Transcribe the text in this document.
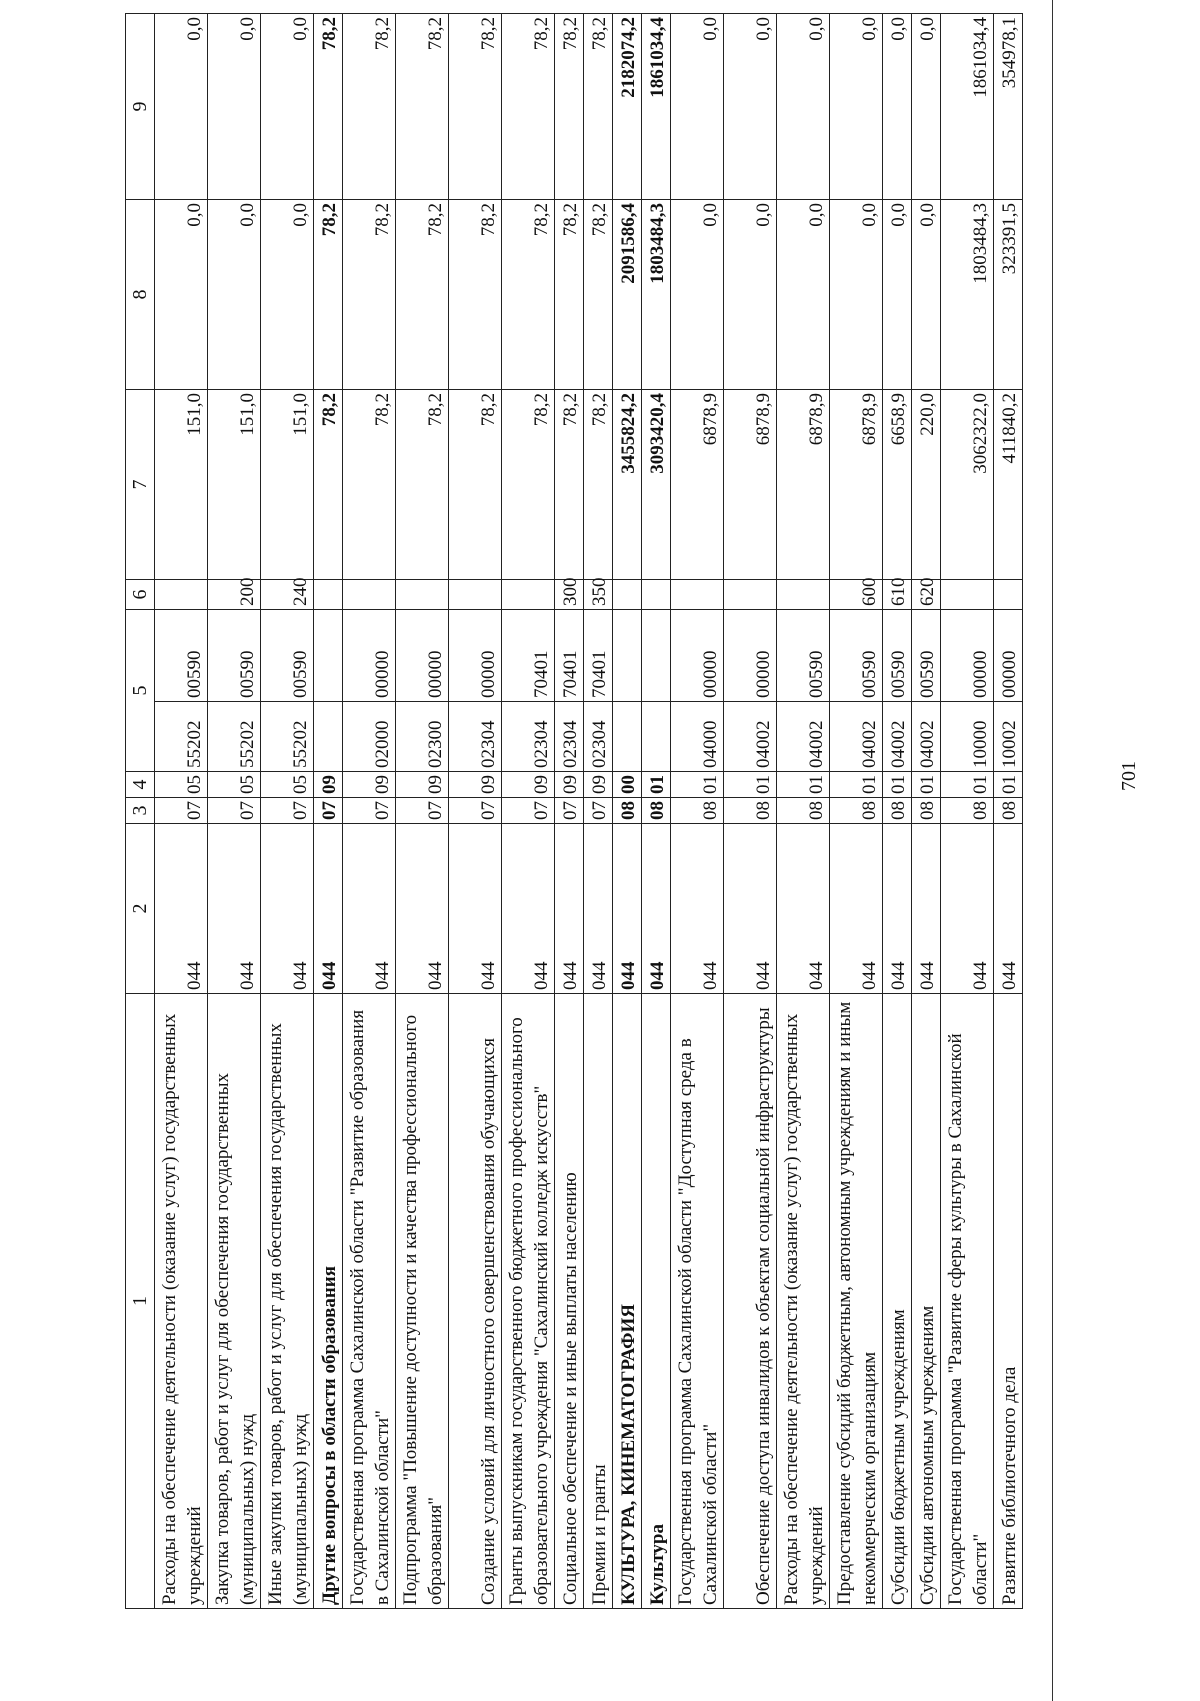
701
1	2	3	4	5		6	7	8	9
Расходы на обеспечение деятельности (оказание услуг) государственных учреждений	044	07	05	55202	00590		151,0	0,0	0,0
Закупка товаров, работ и услуг для обеспечения государственных (муниципальных) нужд	044	07	05	55202	00590	200	151,0	0,0	0,0
Иные закупки товаров, работ и услуг для обеспечения государственных (муниципальных) нужд	044	07	05	55202	00590	240	151,0	0,0	0,0
Другие вопросы в области образования	044	07	09				78,2	78,2	78,2
Государственная программа Сахалинской области "Развитие образования в Сахалинской области"	044	07	09	02000	00000		78,2	78,2	78,2
Подпрограмма "Повышение доступности и качества профессионального образования"	044	07	09	02300	00000		78,2	78,2	78,2
Создание условий для личностного совершенствования обучающихся	044	07	09	02304	00000		78,2	78,2	78,2
Гранты выпускникам государственного бюджетного профессионального образовательного учреждения "Сахалинский колледж искусств"	044	07	09	02304	70401		78,2	78,2	78,2
Социальное обеспечение и иные выплаты населению	044	07	09	02304	70401	300	78,2	78,2	78,2
Премии и гранты	044	07	09	02304	70401	350	78,2	78,2	78,2
КУЛЬТУРА, КИНЕМАТОГРАФИЯ	044	08	00				3455824,2	2091586,4	2182074,2
Культура	044	08	01				3093420,4	1803484,3	1861034,4
Государственная программа Сахалинской области "Доступная среда в Сахалинской области"	044	08	01	04000	00000		6878,9	0,0	0,0
Обеспечение доступа инвалидов к объектам социальной инфраструктуры	044	08	01	04002	00000		6878,9	0,0	0,0
Расходы на обеспечение деятельности (оказание услуг) государственных учреждений	044	08	01	04002	00590		6878,9	0,0	0,0
Предоставление субсидий бюджетным, автономным учреждениям и иным некоммерческим организациям	044	08	01	04002	00590	600	6878,9	0,0	0,0
Субсидии бюджетным учреждениям	044	08	01	04002	00590	610	6658,9	0,0	0,0
Субсидии автономным учреждениям	044	08	01	04002	00590	620	220,0	0,0	0,0
Государственная программа "Развитие сферы культуры в Сахалинской области"	044	08	01	10000	00000		3062322,0	1803484,3	1861034,4
Развитие библиотечного дела	044	08	01	10002	00000		411840,2	323391,5	354978,1
